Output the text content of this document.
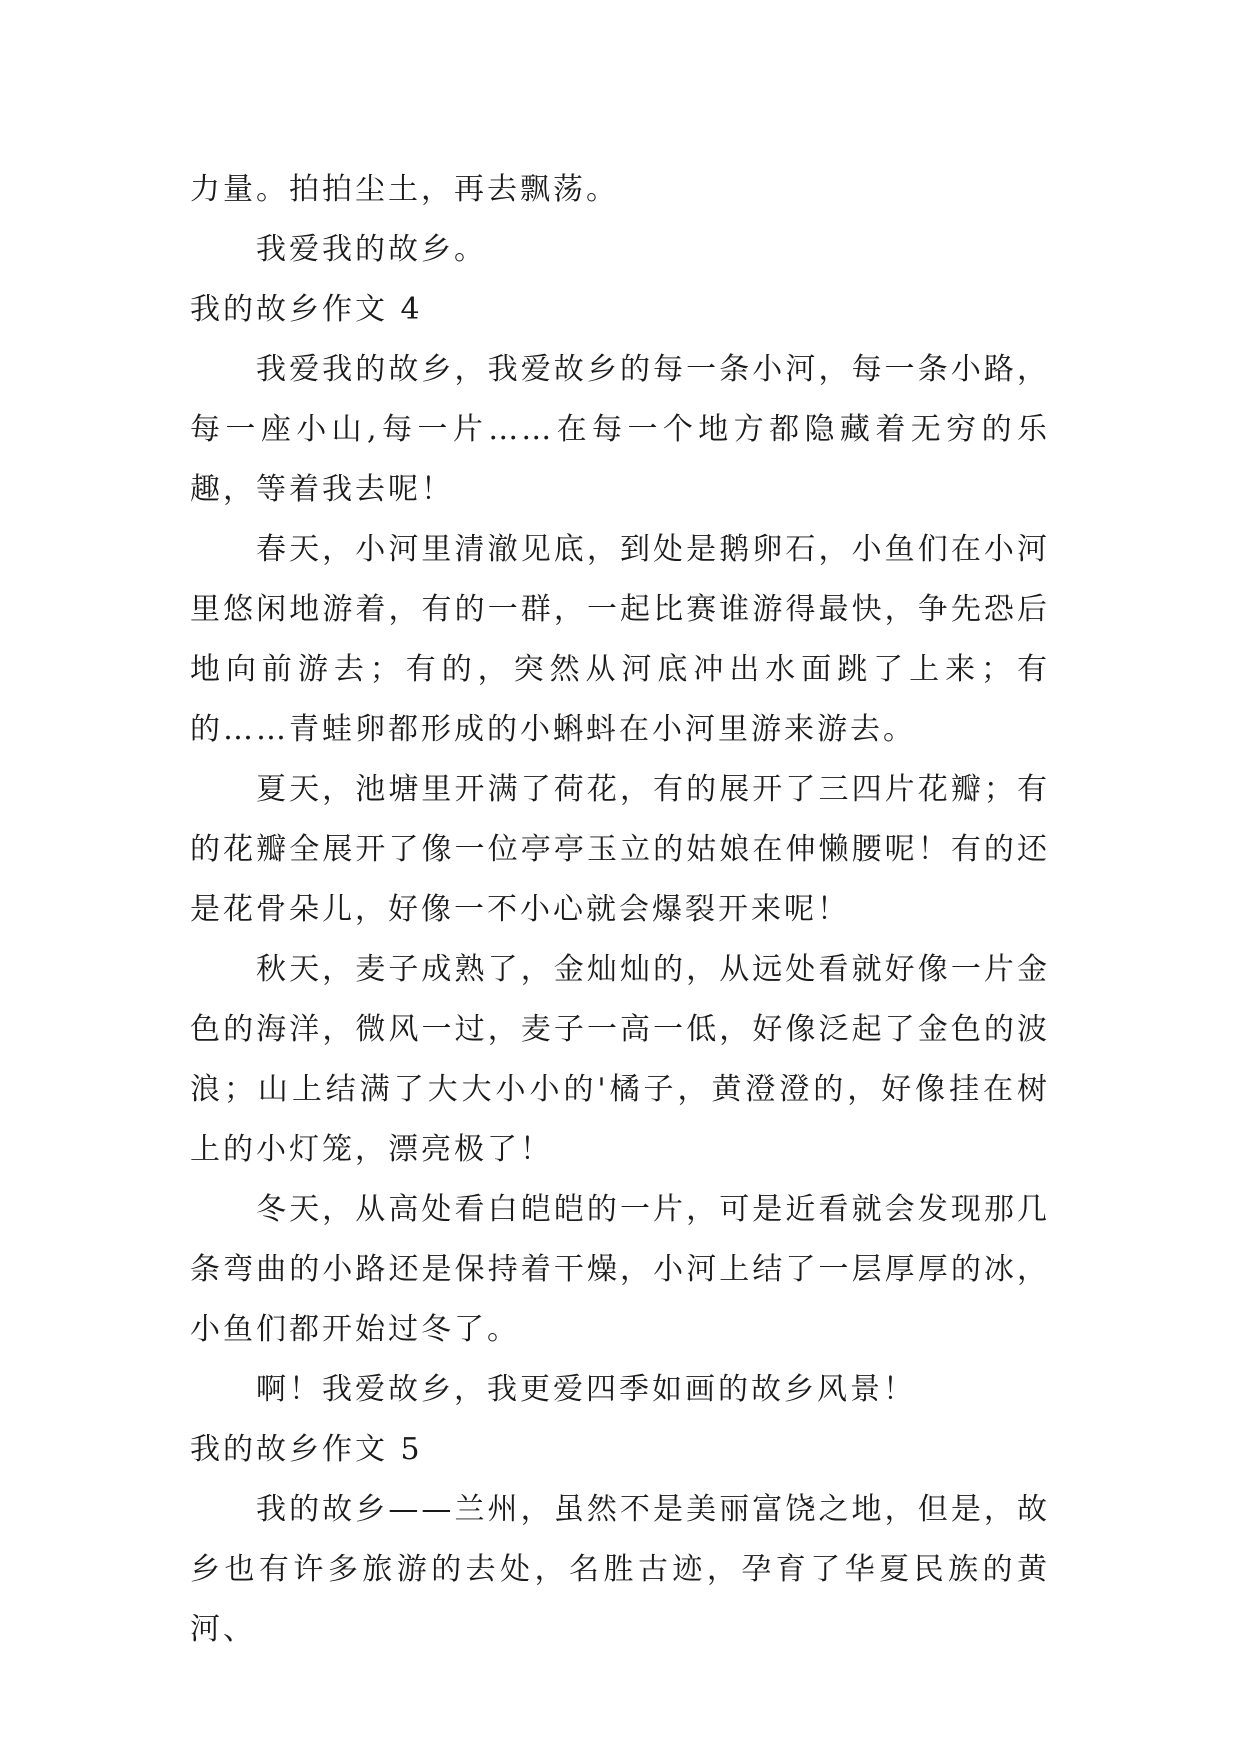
力量。拍拍尘土，再去飘荡。

我爱我的故乡。

我的故乡作文 4

我爱我的故乡，我爱故乡的每一条小河，每一条小路，每一座小山,每一片……在每一个地方都隐藏着无穷的乐趣，等着我去呢！

春天，小河里清澈见底，到处是鹅卵石，小鱼们在小河里悠闲地游着，有的一群，一起比赛谁游得最快，争先恐后地向前游去；有的，突然从河底冲出水面跳了上来；有的……青蛙卵都形成的小蝌蚪在小河里游来游去。

夏天，池塘里开满了荷花，有的展开了三四片花瓣；有的花瓣全展开了像一位亭亭玉立的姑娘在伸懒腰呢！有的还是花骨朵儿，好像一不小心就会爆裂开来呢！

秋天，麦子成熟了，金灿灿的，从远处看就好像一片金色的海洋，微风一过，麦子一高一低，好像泛起了金色的波浪；山上结满了大大小小的'橘子，黄澄澄的，好像挂在树上的小灯笼，漂亮极了！

冬天，从高处看白皑皑的一片，可是近看就会发现那几条弯曲的小路还是保持着干燥，小河上结了一层厚厚的冰，小鱼们都开始过冬了。

啊！我爱故乡，我更爱四季如画的故乡风景！

我的故乡作文 5

我的故乡——兰州，虽然不是美丽富饶之地，但是，故乡也有许多旅游的去处，名胜古迹，孕育了华夏民族的黄河、
